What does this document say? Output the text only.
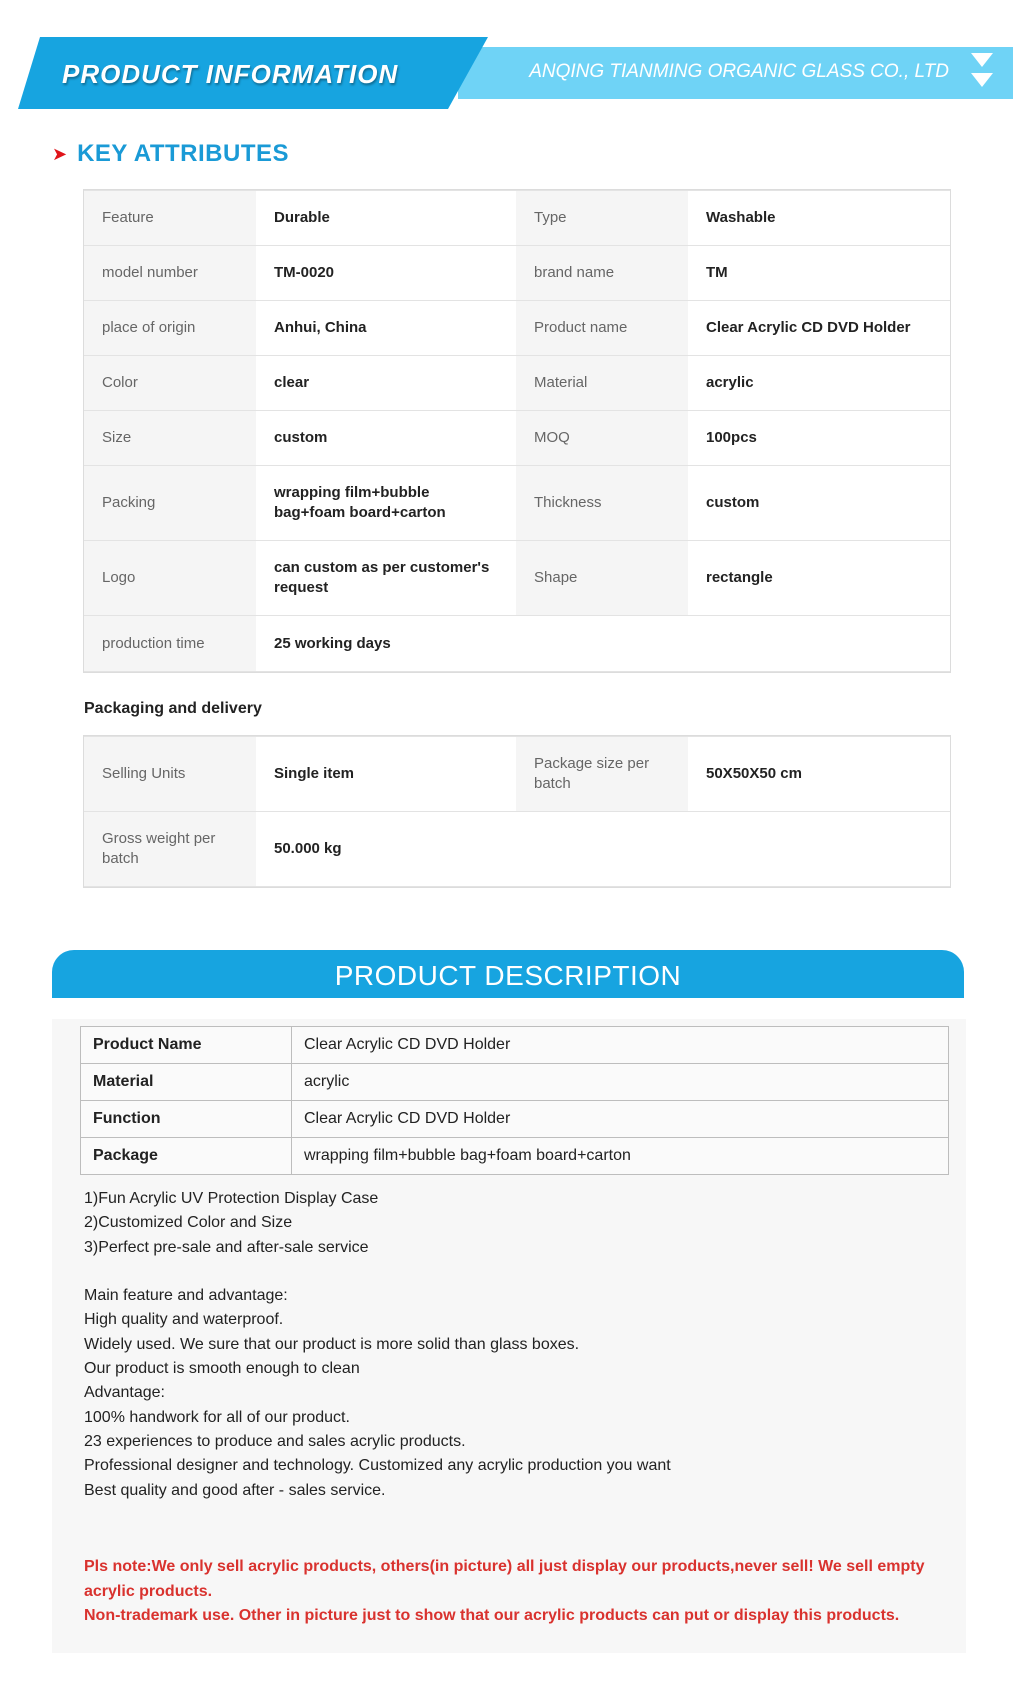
PRODUCT INFORMATION	ANQING TIANMING ORGANIC GLASS CO., LTD
➤ KEY ATTRIBUTES
Feature	Durable	Type	Washable
model number	TM-0020	brand name	TM
place of origin	Anhui, China	Product name	Clear Acrylic CD DVD Holder
Color	clear	Material	acrylic
Size	custom	MOQ	100pcs
Packing	wrapping film+bubble bag+foam board+carton	Thickness	custom
Logo	can custom as per customer's request	Shape	rectangle
production time	25 working days		
Packaging and delivery
Selling Units	Single item	Package size per batch	50X50X50 cm
Gross weight per batch	50.000 kg		
PRODUCT DESCRIPTION
Product Name	Clear Acrylic CD DVD Holder
Material	acrylic
Function	Clear Acrylic CD DVD Holder
Package	wrapping film+bubble bag+foam board+carton
1)Fun Acrylic UV Protection Display Case
2)Customized Color and Size
3)Perfect pre-sale and after-sale service
Main feature and advantage:
High quality and waterproof.
Widely used. We sure that our product is more solid than glass boxes.
Our product is smooth enough to clean
Advantage:
100% handwork for all of our product.
23 experiences to produce and sales acrylic products.
Professional designer and technology. Customized any acrylic production you want
Best quality and good after - sales service.
Pls note:We only sell acrylic products, others(in picture) all just display our products,never sell! We sell empty acrylic products.
Non-trademark use. Other in picture just to show that our acrylic products can put or display this products.
